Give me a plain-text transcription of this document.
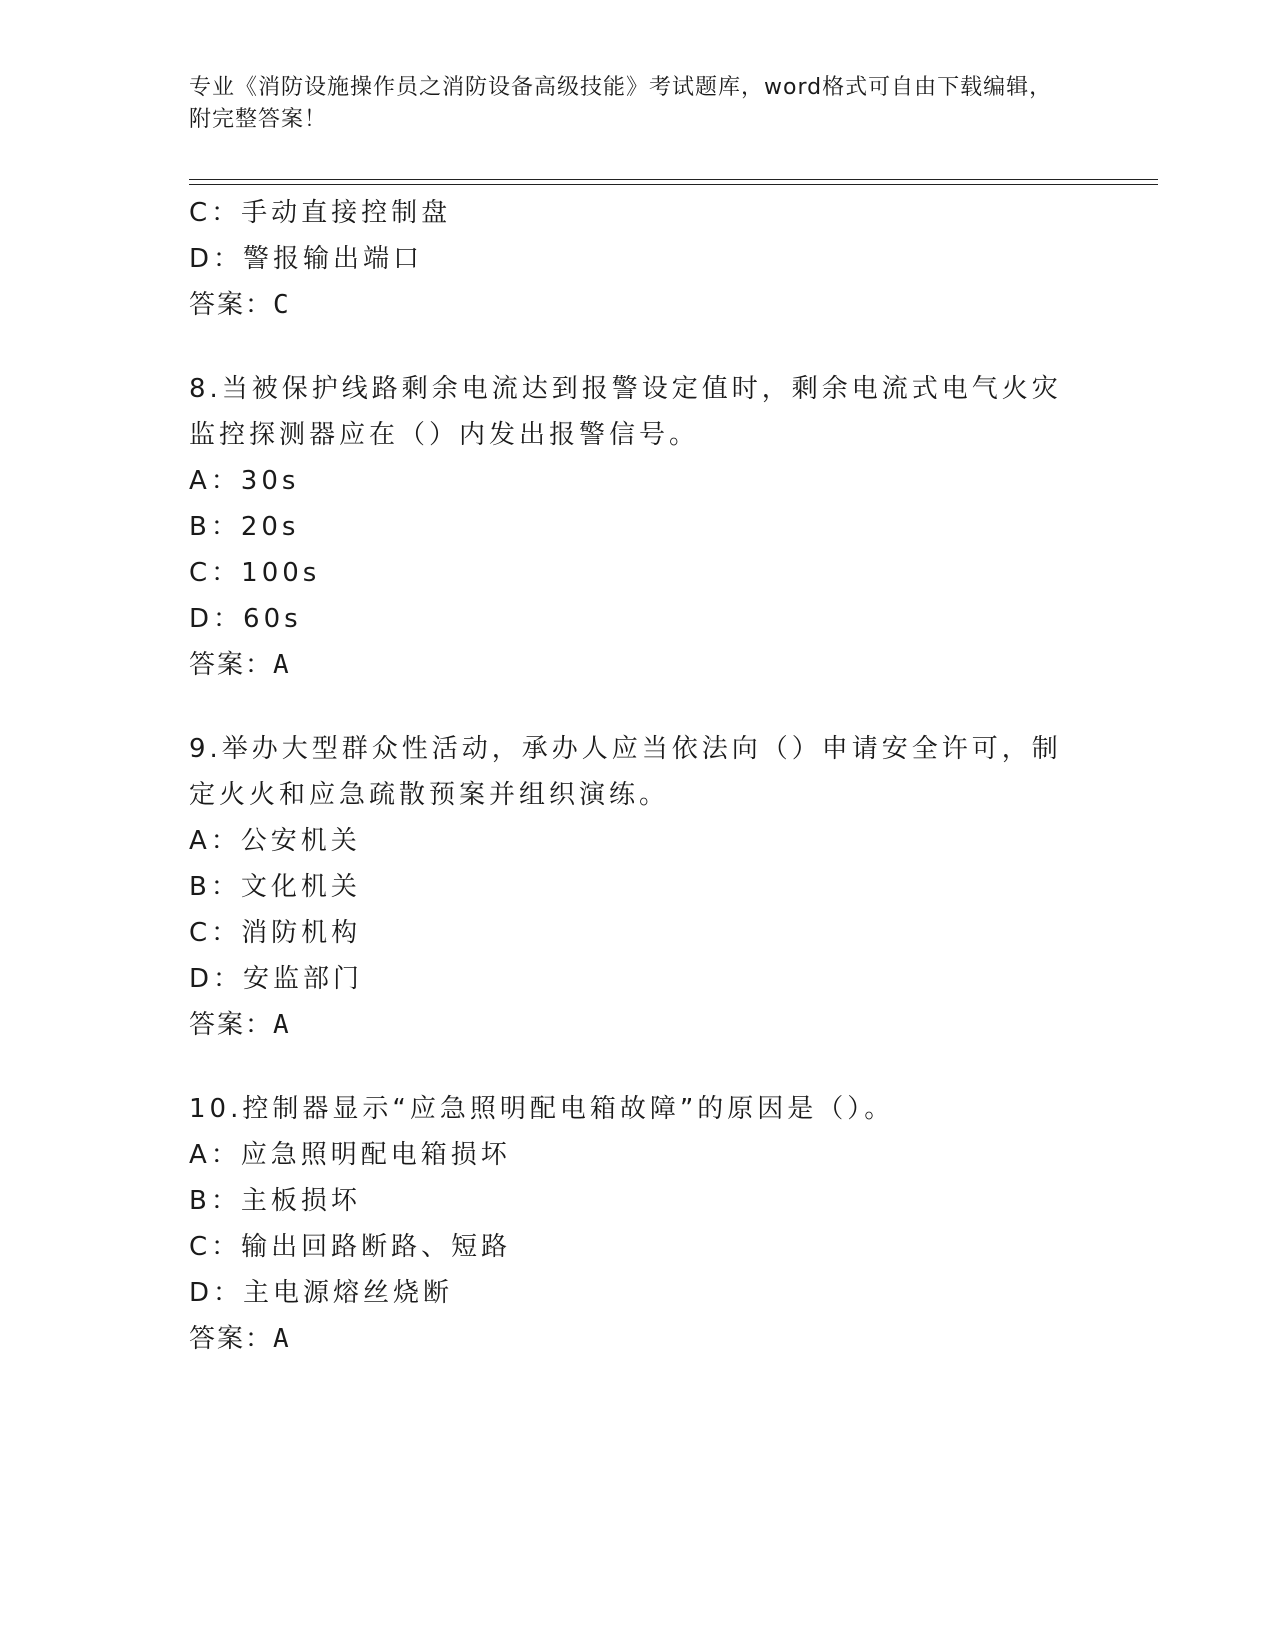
专业《消防设施操作员之消防设备高级技能》考试题库，word格式可自由下载编辑，附完整答案！
C：手动直接控制盘
D：警报输出端口
答案：C
8.当被保护线路剩余电流达到报警设定值时，剩余电流式电气火灾监控探测器应在（）内发出报警信号。
A：30s
B：20s
C：100s
D：60s
答案：A
9.举办大型群众性活动，承办人应当依法向（）申请安全许可，制定火火和应急疏散预案并组织演练。
A：公安机关
B：文化机关
C：消防机构
D：安监部门
答案：A
10.控制器显示“应急照明配电箱故障”的原因是（）。
A：应急照明配电箱损坏
B：主板损坏
C：输出回路断路、短路
D：主电源熔丝烧断
答案：A
